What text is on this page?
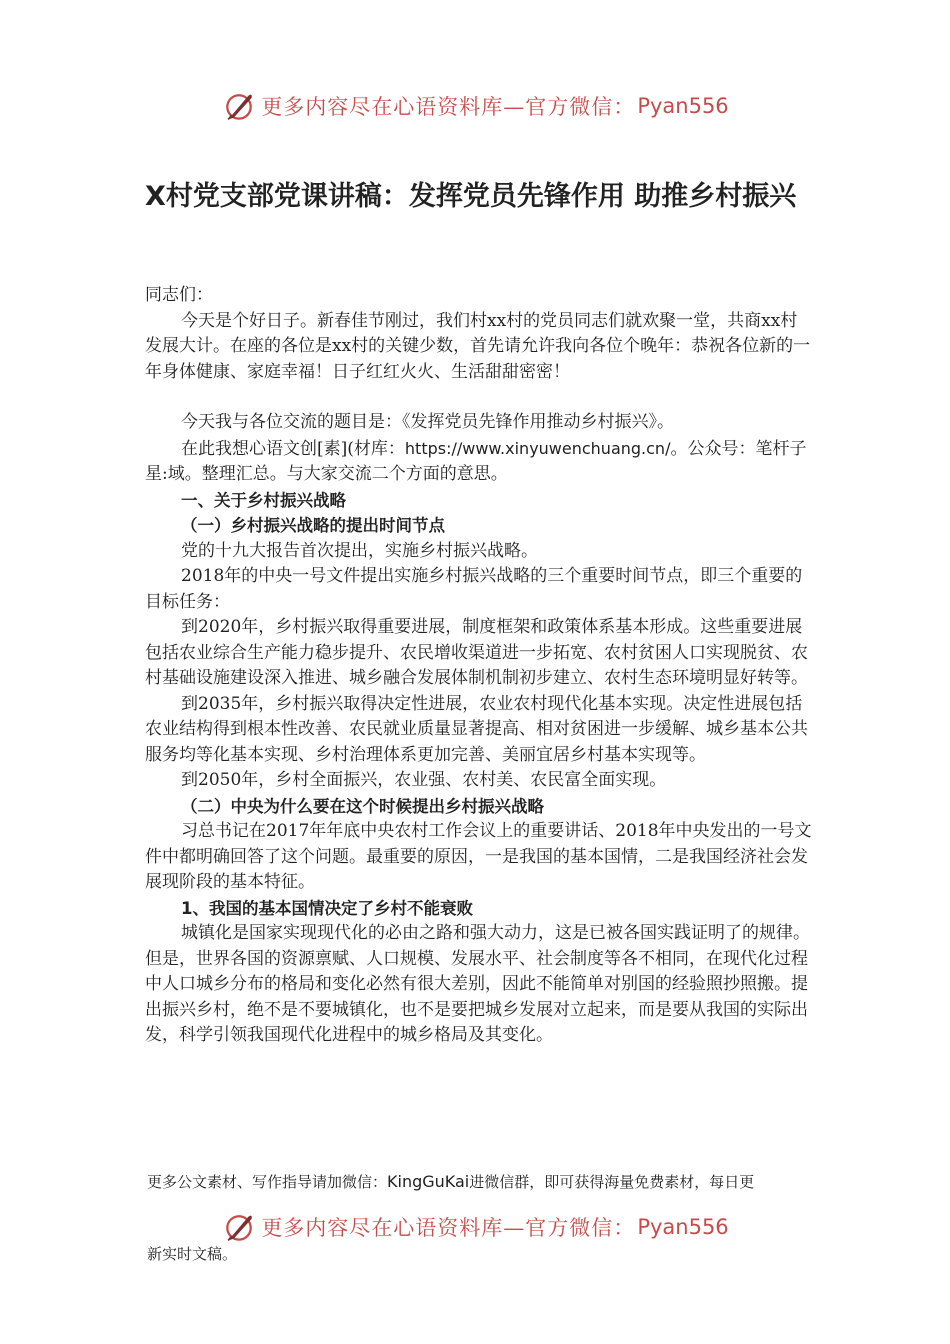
更多内容尽在心语资料库—官方微信： Pyan556
X村党支部党课讲稿：发挥党员先锋作用 助推乡村振兴

同志们：

今天是个好日子。新春佳节刚过，我们村xx村的党员同志们就欢聚一堂，共商xx村发展大计。在座的各位是xx村的关键少数，首先请允许我向各位个晚年：恭祝各位新的一年身体健康、家庭幸福！日子红红火火、生活甜甜密密！

今天我与各位交流的题目是：《发挥党员先锋作用推动乡村振兴》。

在此我想心语文创[素](材库：https://www.xinyuwenchuang.cn/。公众号：笔杆子星:域。整理汇总。与大家交流二个方面的意思。

一、关于乡村振兴战略

（一）乡村振兴战略的提出时间节点

党的十九大报告首次提出，实施乡村振兴战略。

2018年的中央一号文件提出实施乡村振兴战略的三个重要时间节点，即三个重要的目标任务：

到2020年，乡村振兴取得重要进展，制度框架和政策体系基本形成。这些重要进展包括农业综合生产能力稳步提升、农民增收渠道进一步拓宽、农村贫困人口实现脱贫、农村基础设施建设深入推进、城乡融合发展体制机制初步建立、农村生态环境明显好转等。

到2035年，乡村振兴取得决定性进展，农业农村现代化基本实现。决定性进展包括农业结构得到根本性改善、农民就业质量显著提高、相对贫困进一步缓解、城乡基本公共服务均等化基本实现、乡村治理体系更加完善、美丽宜居乡村基本实现等。

到2050年，乡村全面振兴，农业强、农村美、农民富全面实现。

（二）中央为什么要在这个时候提出乡村振兴战略

习总书记在2017年年底中央农村工作会议上的重要讲话、2018年中央发出的一号文件中都明确回答了这个问题。最重要的原因，一是我国的基本国情，二是我国经济社会发展现阶段的基本特征。

1、我国的基本国情决定了乡村不能衰败

城镇化是国家实现现代化的必由之路和强大动力，这是已被各国实践证明了的规律。但是，世界各国的资源禀赋、人口规模、发展水平、社会制度等各不相同，在现代化过程中人口城乡分布的格局和变化必然有很大差别，因此不能简单对别国的经验照抄照搬。提出振兴乡村，绝不是不要城镇化，也不是要把城乡发展对立起来，而是要从我国的实际出发，科学引领我国现代化进程中的城乡格局及其变化。

更多公文素材、写作指导请加微信：KingGuKai进微信群，即可获得海量免费素材，每日更
更多内容尽在心语资料库—官方微信： Pyan556
新实时文稿。
